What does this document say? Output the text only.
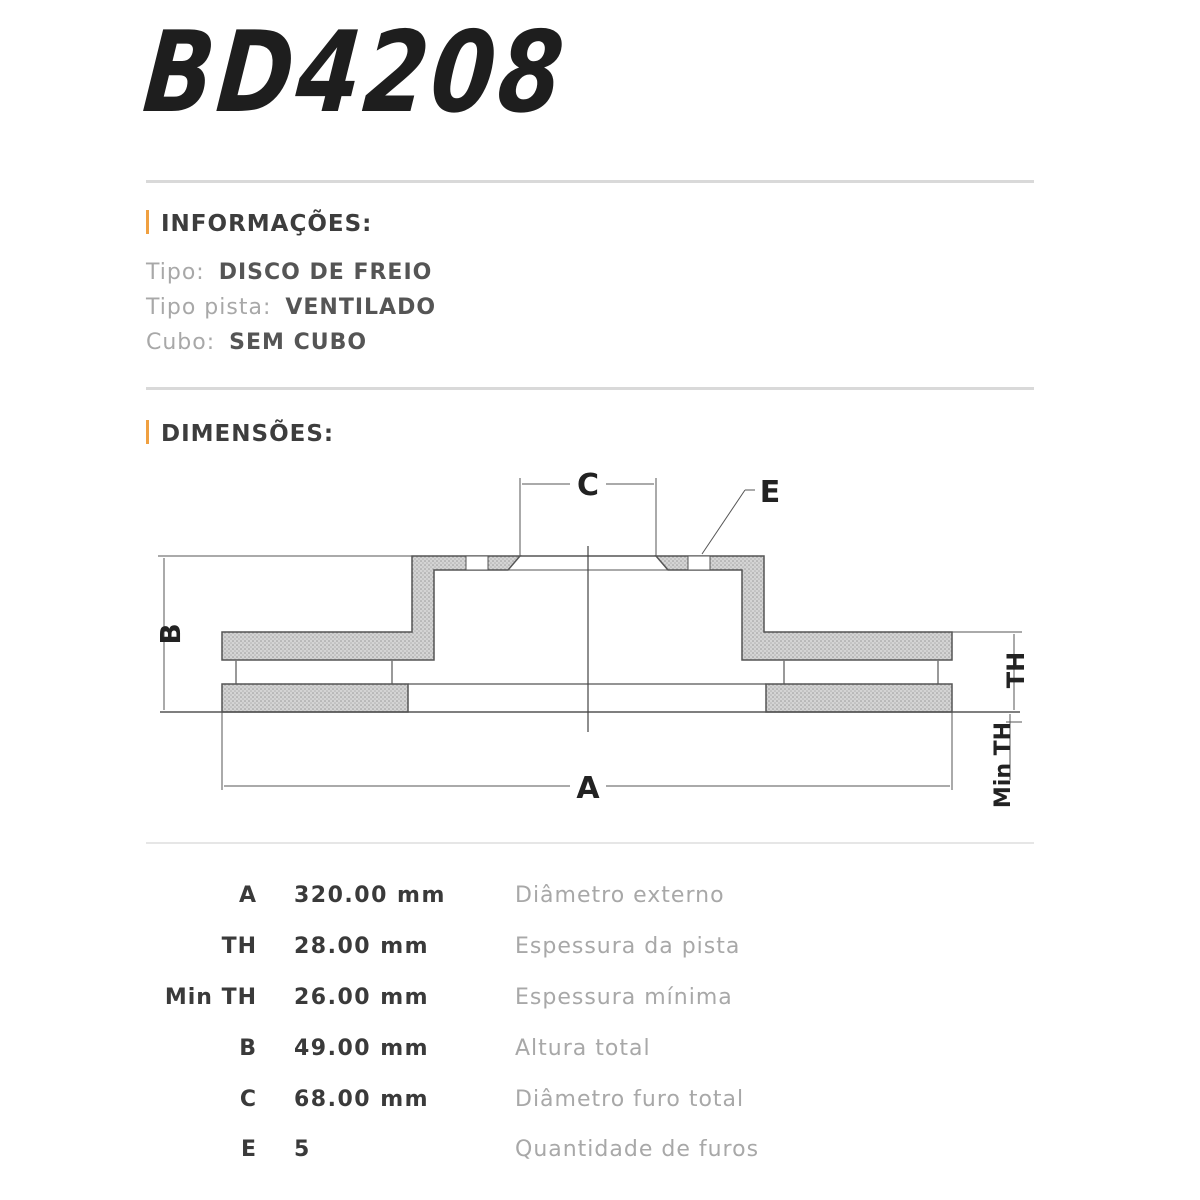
BD4208
INFORMAÇÕES:
Tipo: DISCO DE FREIO
Tipo pista: VENTILADO
Cubo: SEM CUBO
DIMENSÕES:
C	E
B
A
TH
Min TH
A 320.00 mm	Diâmetro externo
TH 28.00 mm	Espessura da pista
Min TH 26.00 mm	Espessura mínima
B 49.00 mm	Altura total
C 68.00 mm	Diâmetro furo total
E 5	Quantidade de furos
